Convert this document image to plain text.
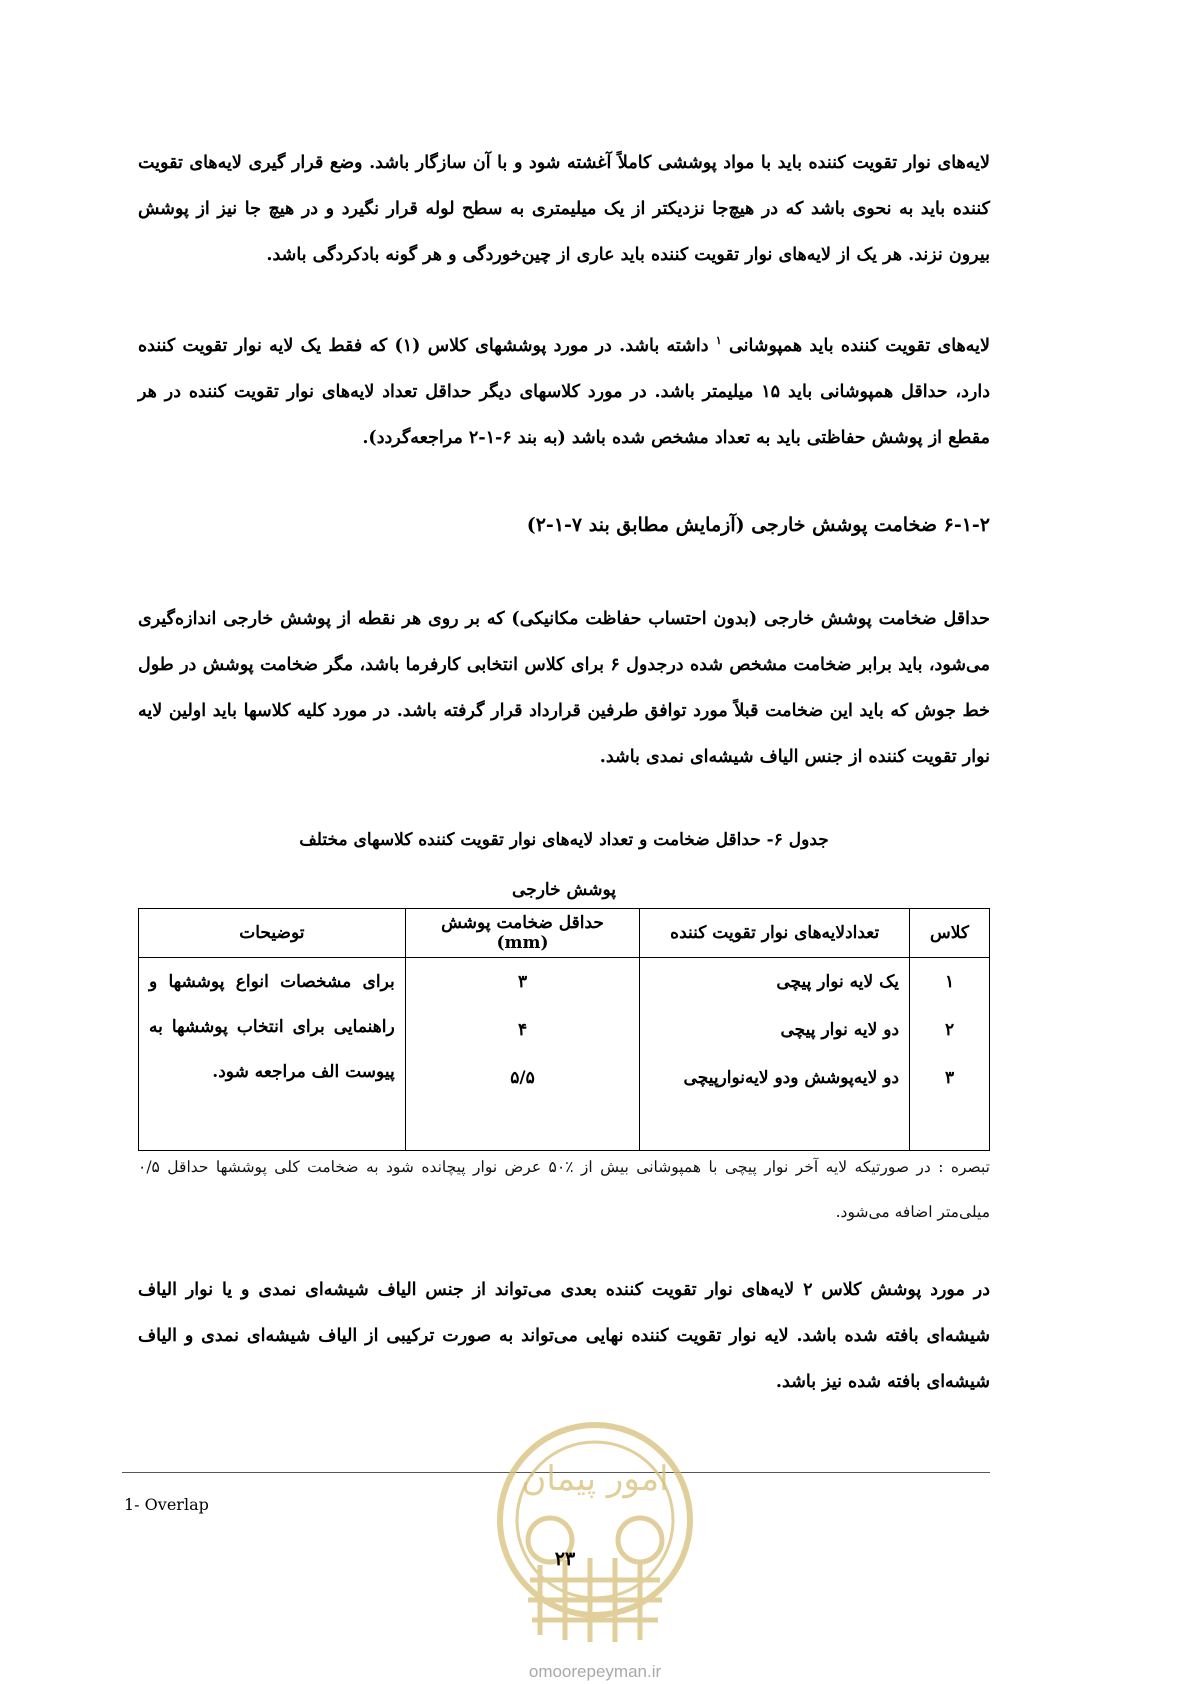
لایه‌های نوار تقویت کننده باید با مواد پوششی کاملاً آغشته شود و با آن سازگار باشد. وضع قرار گیری لایه‌های تقویت کننده باید به نحوی باشد که در هیچ‌جا نزدیکتر از یک میلیمتری به سطح لوله قرار نگیرد و در هیچ جا نیز از پوشش بیرون نزند. هر یک از لایه‌های نوار تقویت کننده باید عاری از چین‌خوردگی و هر گونه بادکردگی باشد.
لایه‌های تقویت کننده باید همپوشانی $^۱$ داشته باشد. در مورد پوششهای کلاس (۱) که فقط یک لایه نوار تقویت کننده دارد، حداقل همپوشانی باید ۱۵ میلیمتر باشد. در مورد کلاسهای دیگر حداقل تعداد لایه‌های نوار تقویت کننده در هر مقطع از پوشش حفاظتی باید به تعداد مشخص شده باشد (به بند ۶-۱-۲ مراجعه‌گردد).
۶-۱-۲ ضخامت پوشش خارجی (آزمایش مطابق بند ۷-۱-۲)
حداقل ضخامت پوشش خارجی (بدون احتساب حفاظت مکانیکی) که بر روی هر نقطه از پوشش خارجی اندازه‌گیری می‌شود، باید برابر ضخامت مشخص شده درجدول ۶ برای کلاس انتخابی کارفرما باشد، مگر ضخامت پوشش در طول خط جوش که باید این ضخامت قبلاً مورد توافق طرفین قرارداد قرار گرفته باشد. در مورد کلیه کلاسها باید اولین لایه نوار تقویت کننده از جنس الیاف شیشه‌ای نمدی باشد.
جدول ۶- حداقل ضخامت و تعداد لایه‌های نوار تقویت کننده کلاسهای مختلف
پوشش خارجی
کلاس	تعدادلایه‌های نوار تقویت کننده	حداقل ضخامت پوشش (mm)	توضیحات
۱	یک لایه نوار پیچی	۳	برای مشخصات انواع پوششها و راهنمایی برای انتخاب پوششها به پیوست الف مراجعه شود.
۲	دو لایه نوار پیچی	۴	
۳	دو لایه‌پوشش ودو لایه‌نوارپیچی	۵/۵	

تبصره : در صورتیکه لایه آخر نوار پیچی با همپوشانی بیش از ٪۵۰ عرض نوار پیچانده شود به ضخامت کلی پوششها حداقل ۰/۵ میلی‌متر اضافه می‌شود.
در مورد پوشش کلاس ۲ لایه‌های نوار تقویت کننده بعدی می‌تواند از جنس الیاف شیشه‌ای نمدی و یا نوار الیاف شیشه‌ای بافته شده باشد. لایه نوار تقویت کننده نهایی می‌تواند به صورت ترکیبی از الیاف شیشه‌ای نمدی و الیاف شیشه‌ای بافته شده نیز باشد.
1- Overlap
امور پیمان
۲۳
omoorepeyman.ir
